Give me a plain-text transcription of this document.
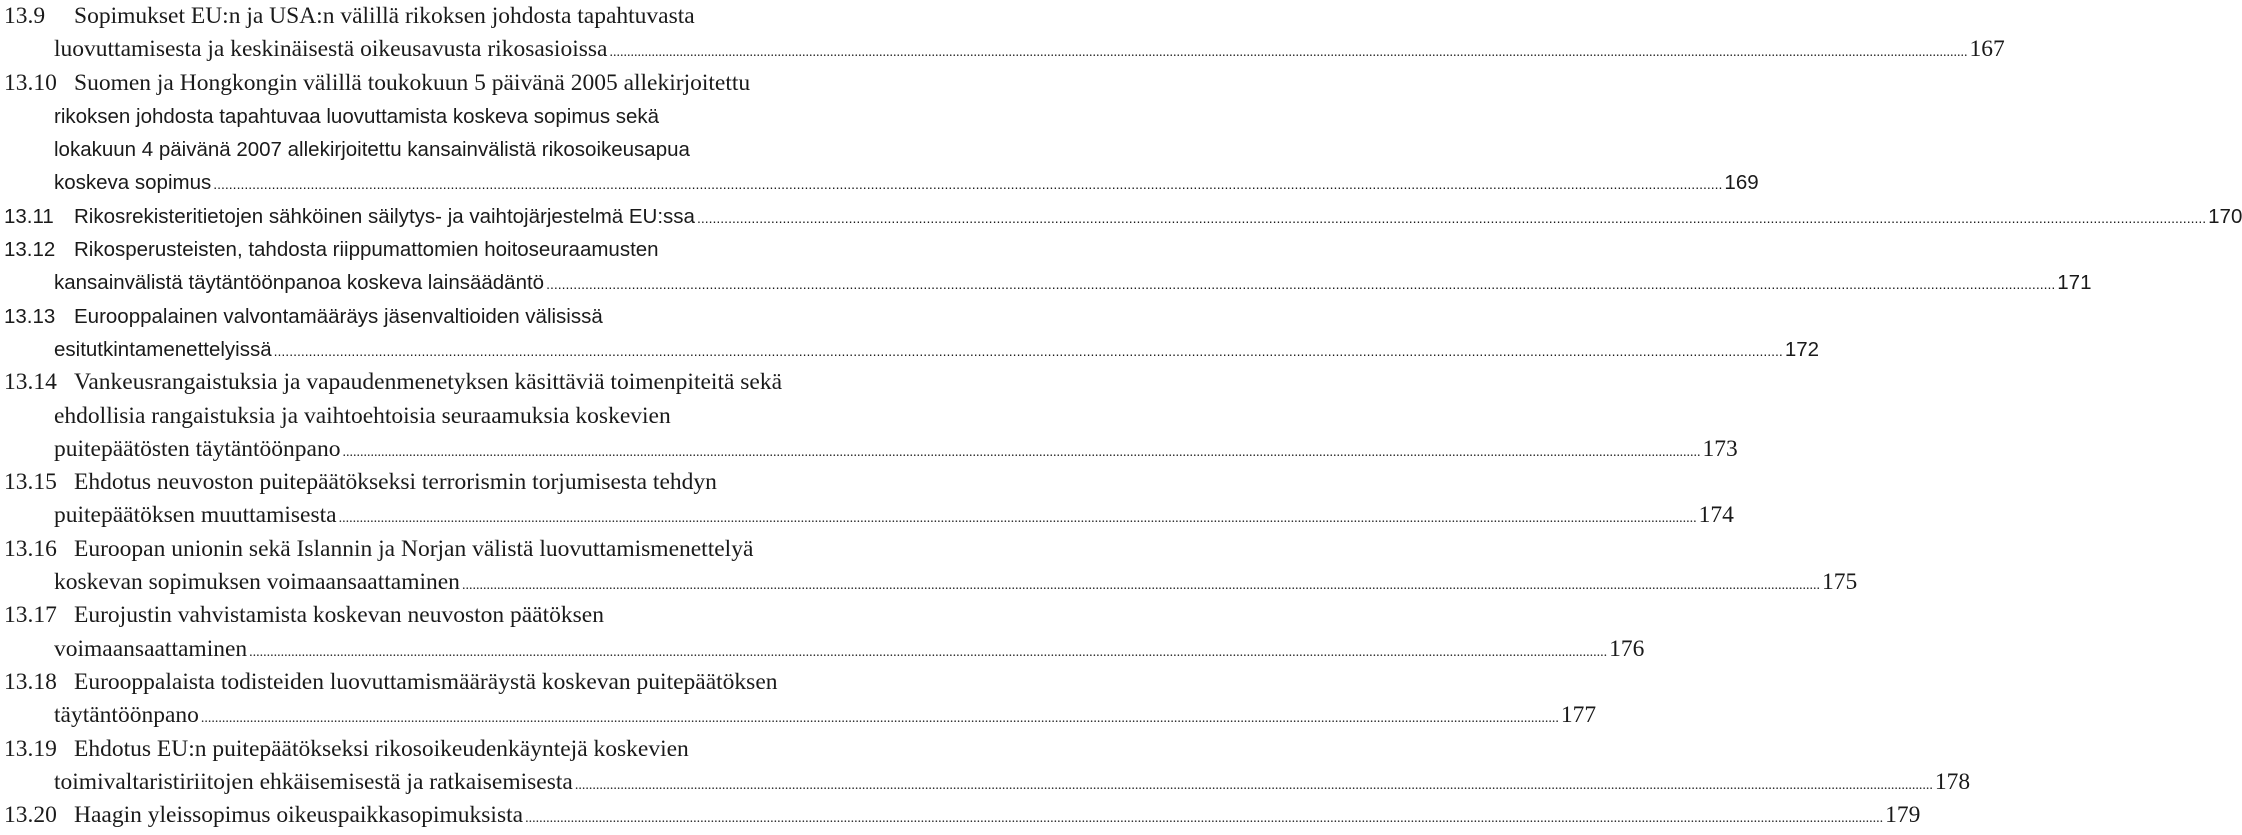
13.9	Sopimukset EU:n ja USA:n välillä rikoksen johdosta tapahtuvasta
luovuttamisesta ja keskinäisestä oikeusavusta rikosasioissa .....	167
13.10 Suomen ja Hongkongin välillä toukokuun 5 päivänä 2005 allekirjoitettu
rikoksen johdosta tapahtuvaa luovuttamista koskeva sopimus sekä
lokakuun 4 päivänä 2007 allekirjoitettu kansainvälistä rikosoikeusapua
koskeva sopimus .....	169
13.11 Rikosrekisteritietojen sähköinen säilytys- ja vaihtojärjestelmä EU:ssa .....	170
13.12 Rikosperusteisten, tahdosta riippumattomien hoitoseuraamusten
kansainvälistä täytäntöönpanoa koskeva lainsäädäntö .....	171
13.13 Eurooppalainen valvontamääräys jäsenvaltioiden välisissä
esitutkintamenettelyissä .....	172
13.14 Vankeusrangaistuksia ja vapaudenmenetyksen käsittäviä toimenpiteitä sekä
ehdollisia rangaistuksia ja vaihtoehtoisia seuraamuksia koskevien
puitepäätösten täytäntöönpano .....	173
13.15 Ehdotus neuvoston puitepäätökseksi terrorismin torjumisesta tehdyn
puitepäätöksen muuttamisesta .....	174
13.16 Euroopan unionin sekä Islannin ja Norjan välistä luovuttamismenettelyä
koskevan sopimuksen voimaansaattaminen .....	175
13.17 Eurojustin vahvistamista koskevan neuvoston päätöksen
voimaansaattaminen .....	176
13.18 Eurooppalaista todisteiden luovuttamismääräystä koskevan puitepäätöksen
täytäntöönpano .....	177
13.19 Ehdotus EU:n puitepäätökseksi rikosoikeudenkäyntejä koskevien
toimivaltaristiriitojen ehkäisemisestä ja ratkaisemisesta .....	178
13.20 Haagin yleissopimus oikeuspaikkasopimuksista .....	179
